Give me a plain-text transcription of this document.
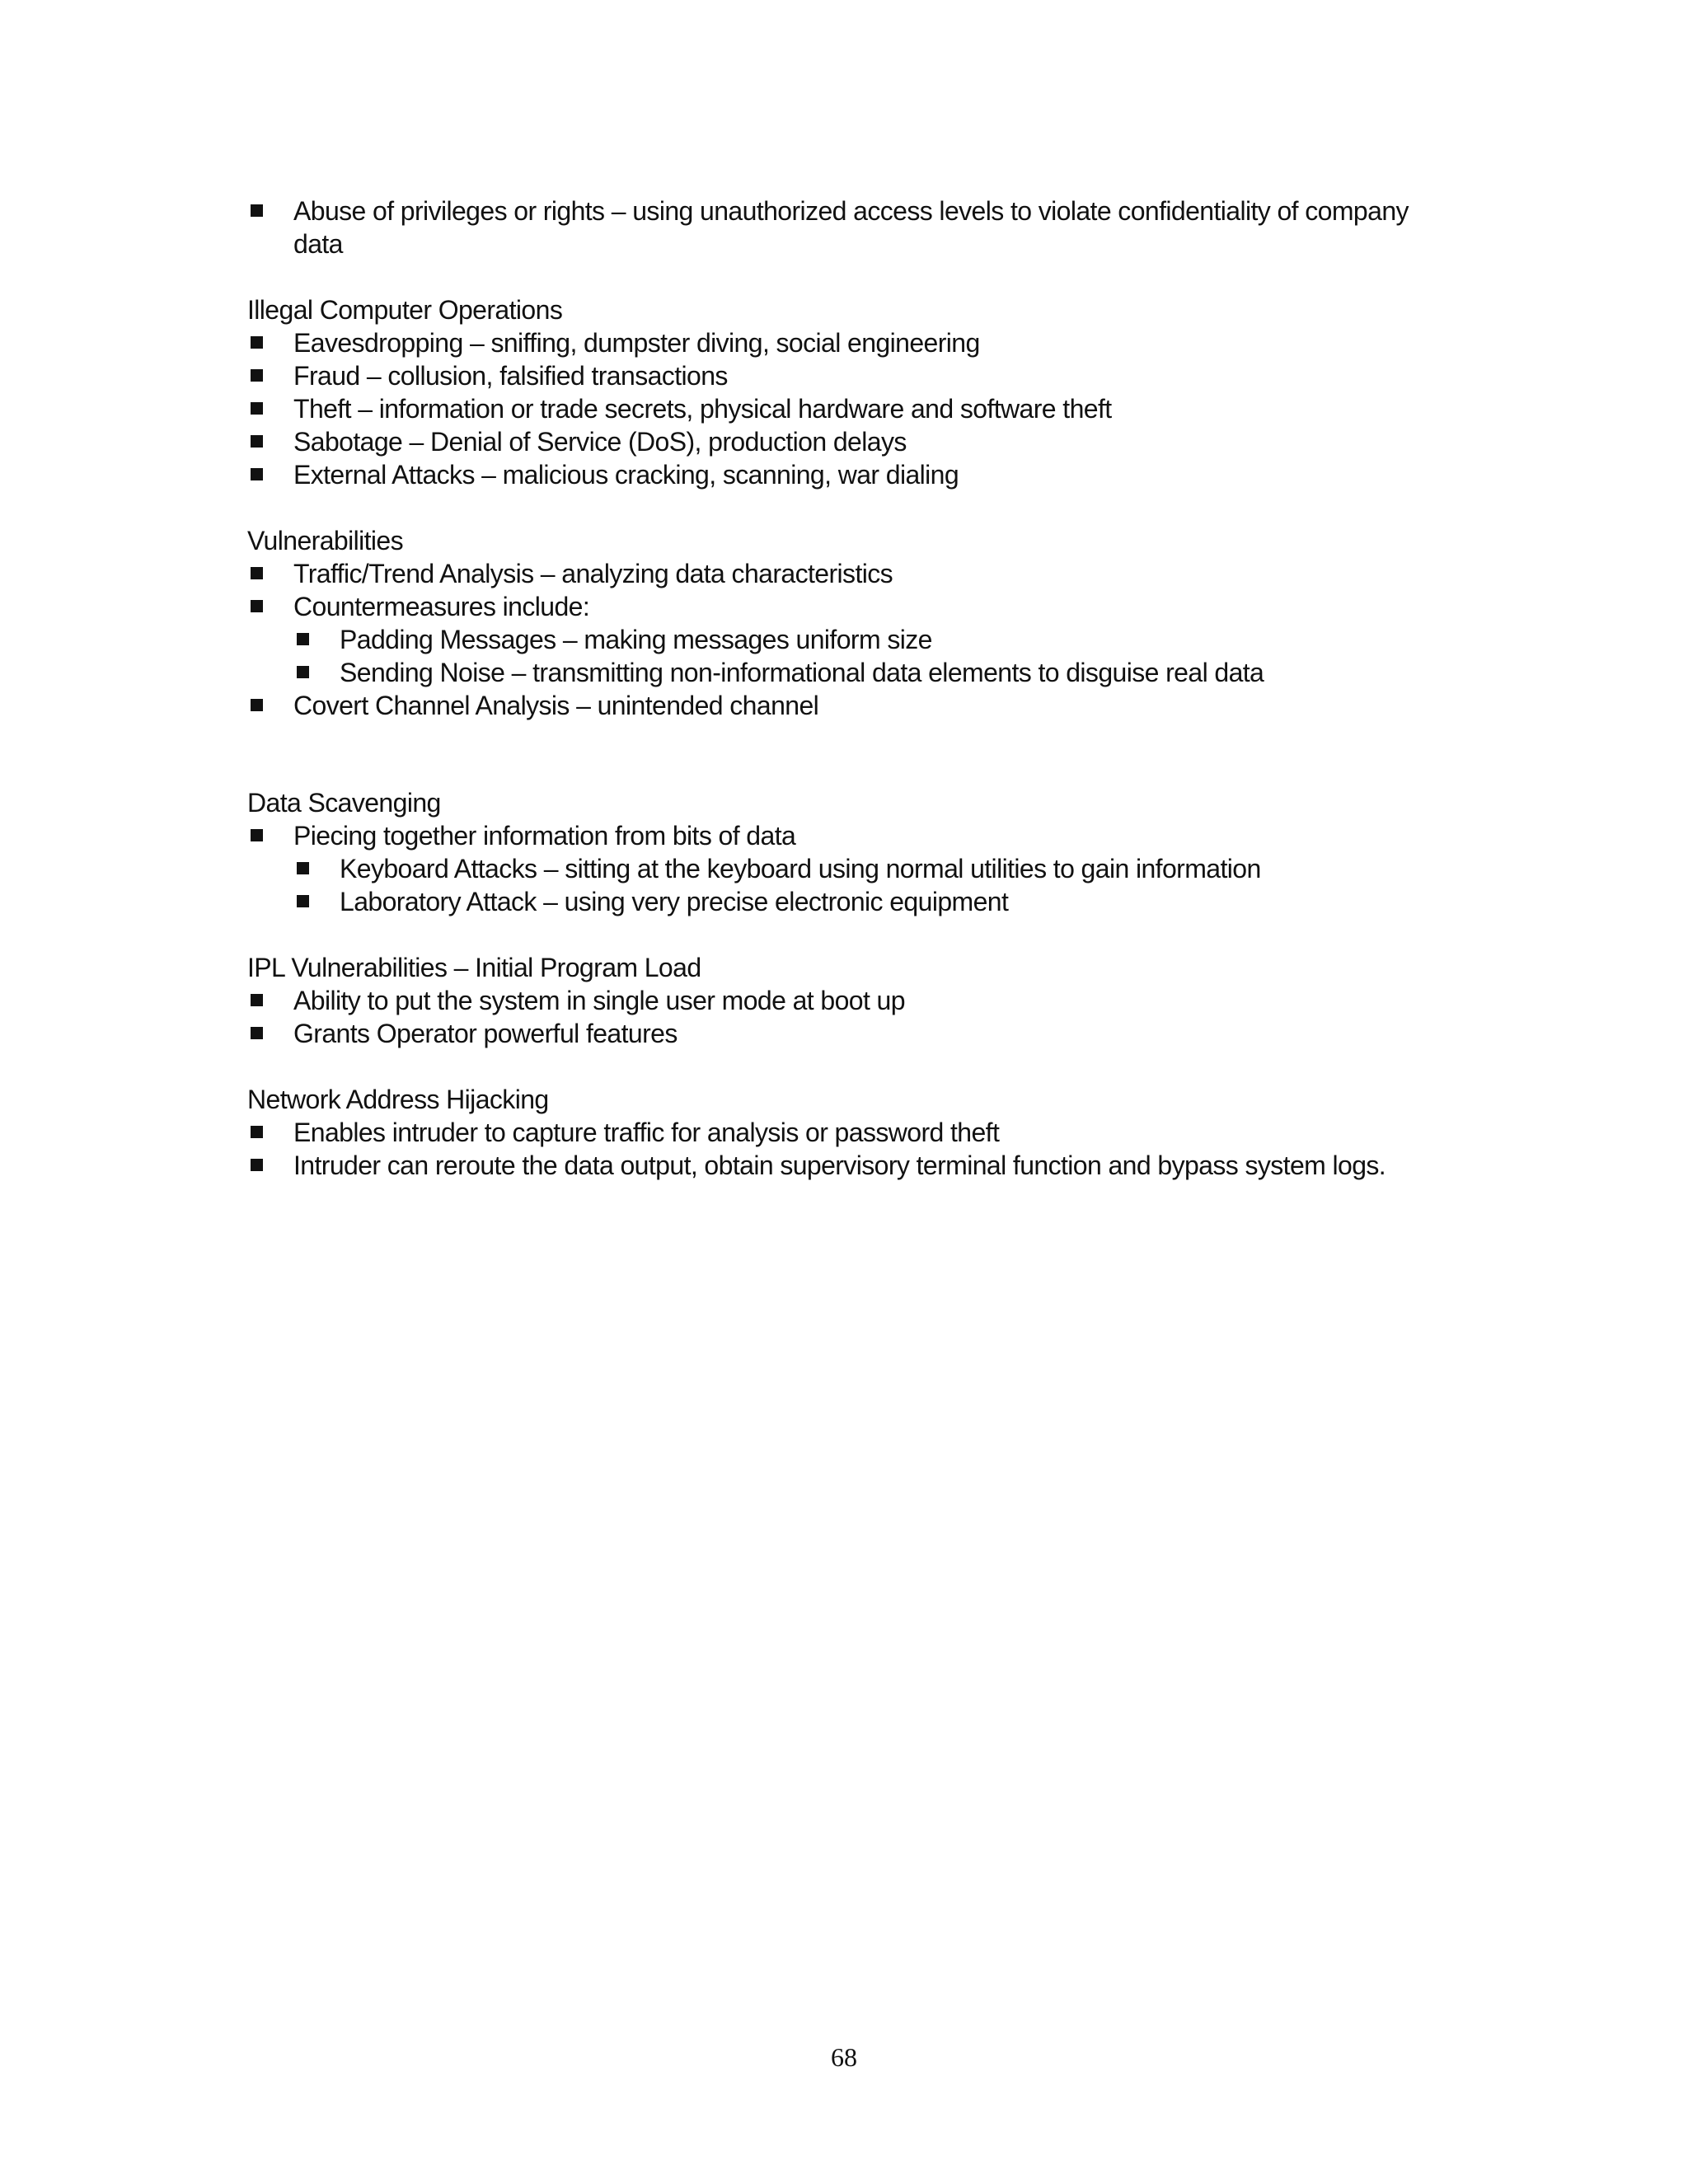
Abuse of privileges or rights – using unauthorized access levels to violate confidentiality of company data

Illegal Computer Operations

Eavesdropping – sniffing, dumpster diving, social engineering
Fraud – collusion, falsified transactions
Theft – information or trade secrets, physical hardware and software theft
Sabotage – Denial of Service (DoS), production delays
External Attacks – malicious cracking, scanning, war dialing

Vulnerabilities

Traffic/Trend Analysis – analyzing data characteristics
Countermeasures include:
Padding Messages – making messages uniform size
Sending Noise – transmitting non-informational data elements to disguise real data
Covert Channel Analysis – unintended channel

Data Scavenging

Piecing together information from bits of data
Keyboard Attacks – sitting at the keyboard using normal utilities to gain information
Laboratory Attack – using very precise electronic equipment

IPL Vulnerabilities – Initial Program Load

Ability to put the system in single user mode at boot up
Grants Operator powerful features

Network Address Hijacking

Enables intruder to capture traffic for analysis or password theft
Intruder can reroute the data output, obtain supervisory terminal function and bypass system logs.
68
